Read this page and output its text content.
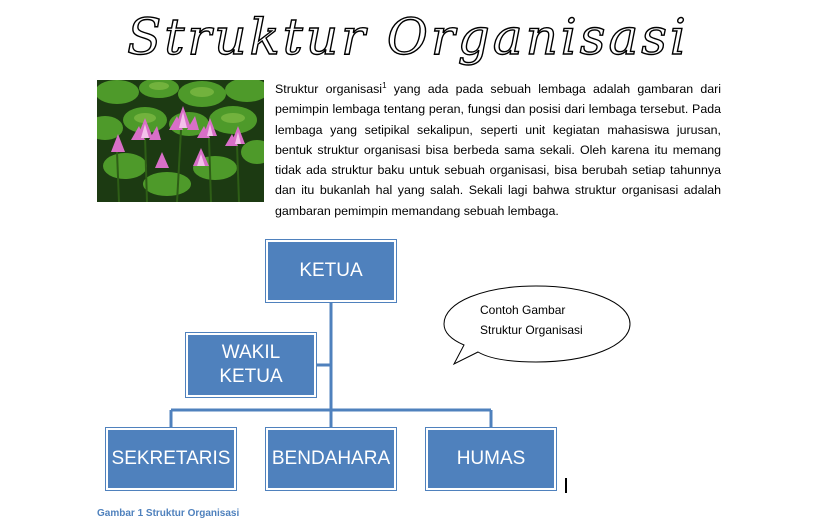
Struktur Organisasi

Struktur organisasi$^1$ yang ada pada sebuah lembaga adalah gambaran dari pemimpin lembaga tentang peran, fungsi dan posisi dari lembaga tersebut. Pada lembaga yang setipikal sekalipun, seperti unit kegiatan mahasiswa jurusan, bentuk struktur organisasi bisa berbeda sama sekali. Oleh karena itu memang tidak ada struktur baku untuk sebuah organisasi, bisa berubah setiap tahunnya dan itu bukanlah hal yang salah. Sekali lagi bahwa struktur organisasi adalah gambaran pemimpin memandang sebuah lembaga.

KETUA
WAKIL KETUA
SEKRETARIS BENDAHARA	HUMAS
Contoh Gambar
Struktur Organisasi
Gambar 1 Struktur Organisasi
